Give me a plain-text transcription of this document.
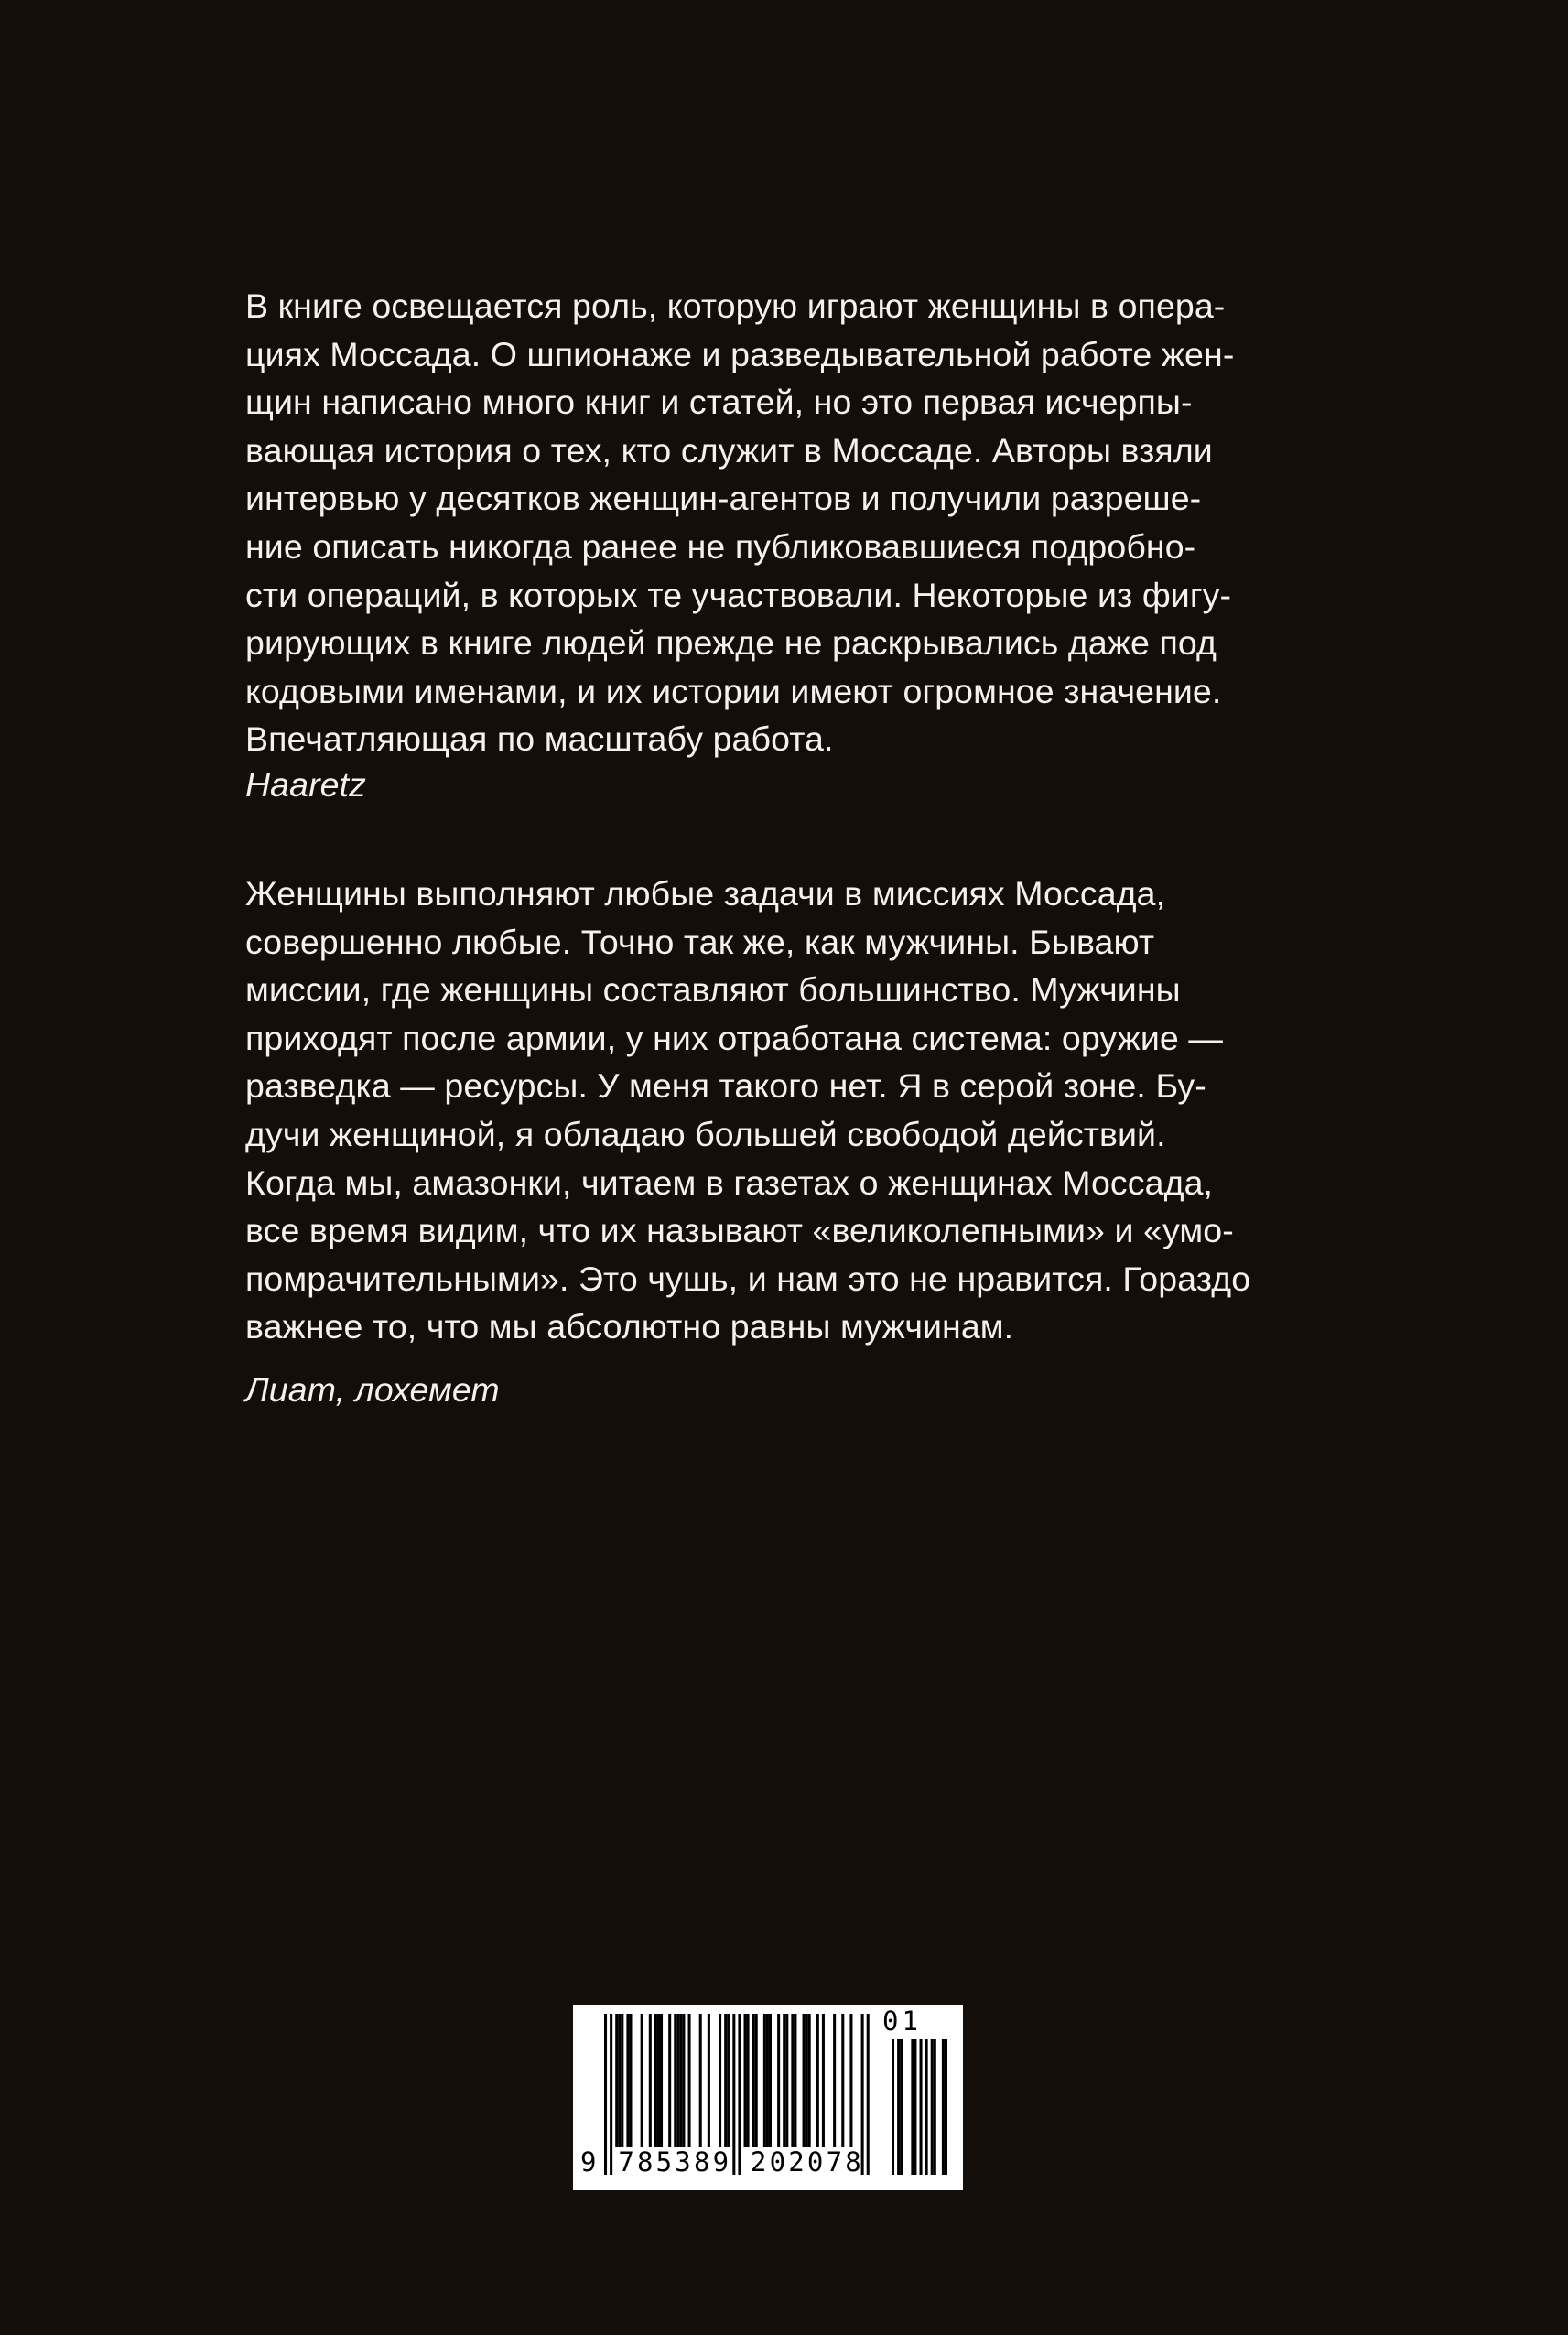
В книге освещается роль, которую играют женщины в опера-
циях Моссада. О шпионаже и разведывательной работе жен-
щин написано много книг и статей, но это первая исчерпы-
вающая история о тех, кто служит в Моссаде. Авторы взяли
интервью у десятков женщин-агентов и получили разреше-
ние описать никогда ранее не публиковавшиеся подробно-
сти операций, в которых те участвовали. Некоторые из фигу-
рирующих в книге людей прежде не раскрывались даже под
кодовыми именами, и их истории имеют огромное значение.
Впечатляющая по масштабу работа.

Haaretz

Женщины выполняют любые задачи в миссиях Моссада,
совершенно любые. Точно так же, как мужчины. Бывают
миссии, где женщины составляют большинство. Мужчины
приходят после армии, у них отработана система: оружие —
разведка — ресурсы. У меня такого нет. Я в серой зоне. Бу-
дучи женщиной, я обладаю большей свободой действий.
Когда мы, амазонки, читаем в газетах о женщинах Моссада,
все время видим, что их называют «великолепными» и «умо-
помрачительными». Это чушь, и нам это не нравится. Гораздо
важнее то, что мы абсолютно равны мужчинам.

Лиат, лохемет

9 785389 202078
01
